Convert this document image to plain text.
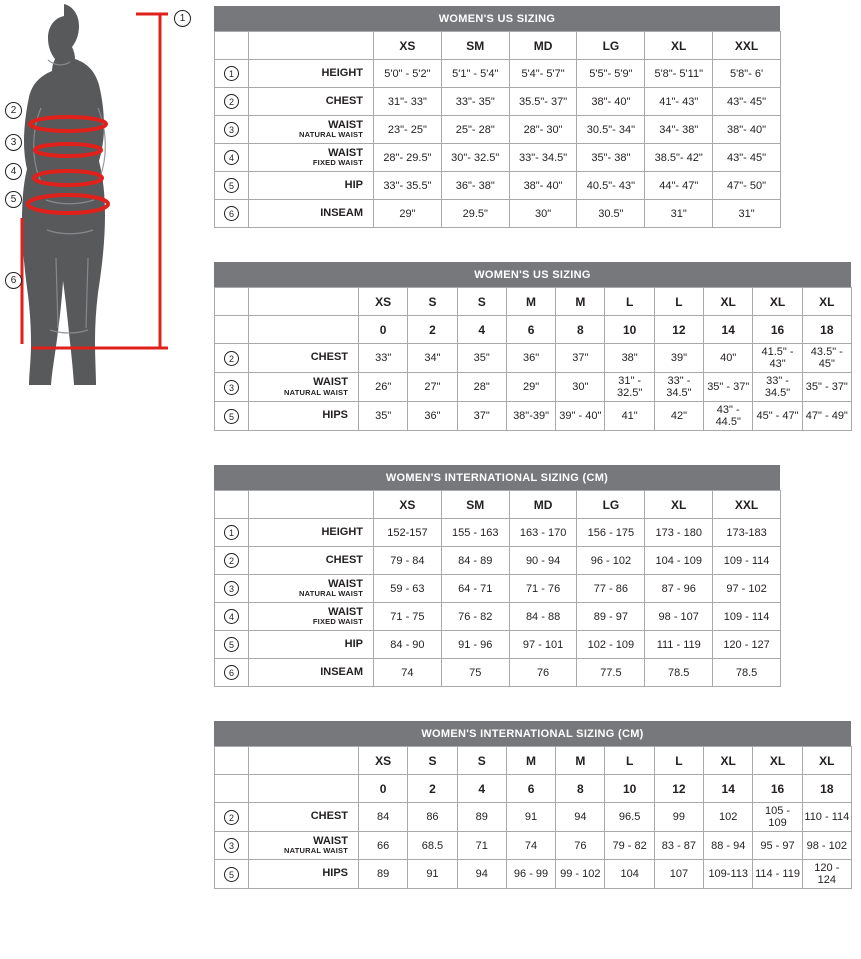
1
2
3
4
5
6
WOMEN'S US SIZING
		XS	SM	MD	LG	XL	XXL
1	HEIGHT	5'0" - 5'2"	5'1" - 5'4"	5'4"- 5'7"	5'5"- 5'9"	5'8"- 5'11"	5'8"- 6'
2	CHEST	31"- 33"	33"- 35"	35.5"- 37"	38"- 40"	41"- 43"	43"- 45"
3	WAIST
NATURAL WAIST	23"- 25"	25"- 28"	28"- 30"	30.5"- 34"	34"- 38"	38"- 40"
4	WAIST
FIXED WAIST	28"- 29.5"	30"- 32.5"	33"- 34.5"	35"- 38"	38.5"- 42"	43"- 45"
5	HIP	33"- 35.5"	36"- 38"	38"- 40"	40.5"- 43"	44"- 47"	47"- 50"
6	INSEAM	29"	29.5"	30"	30.5"	31"	31"
WOMEN'S US SIZING
		XS	S	S	M	M	L	L	XL	XL	XL
		0	2	4	6	8	10	12	14	16	18
2	CHEST	33"	34"	35"	36"	37"	38"	39"	40"	41.5" - 43"	43.5" - 45"
3	WAIST
NATURAL WAIST	26"	27"	28"	29"	30"	31" - 32.5"	33" - 34.5"	35" - 37"	33" - 34.5"	35" - 37"
5	HIPS	35"	36"	37"	38"-39"	39" - 40"	41"	42"	43" - 44.5"	45" - 47"	47" - 49"
WOMEN'S INTERNATIONAL SIZING (CM)
		XS	SM	MD	LG	XL	XXL
1	HEIGHT	152-157	155 - 163	163 - 170	156 - 175	173 - 180	173-183
2	CHEST	79 - 84	84 - 89	90 - 94	96 - 102	104 - 109	109 - 114
3	WAIST
NATURAL WAIST	59 - 63	64 - 71	71 - 76	77 - 86	87 - 96	97 - 102
4	WAIST
FIXED WAIST	71 - 75	76 - 82	84 - 88	89 - 97	98 - 107	109 - 114
5	HIP	84 - 90	91 - 96	97 - 101	102 - 109	111 - 119	120 - 127
6	INSEAM	74	75	76	77.5	78.5	78.5
WOMEN'S INTERNATIONAL SIZING (CM)
		XS	S	S	M	M	L	L	XL	XL	XL
		0	2	4	6	8	10	12	14	16	18
2	CHEST	84	86	89	91	94	96.5	99	102	105 - 109	110 - 114
3	WAIST
NATURAL WAIST	66	68.5	71	74	76	79 - 82	83 - 87	88 - 94	95 - 97	98 - 102
5	HIPS	89	91	94	96 - 99	99 - 102	104	107	109-113	114 - 119	120 - 124
